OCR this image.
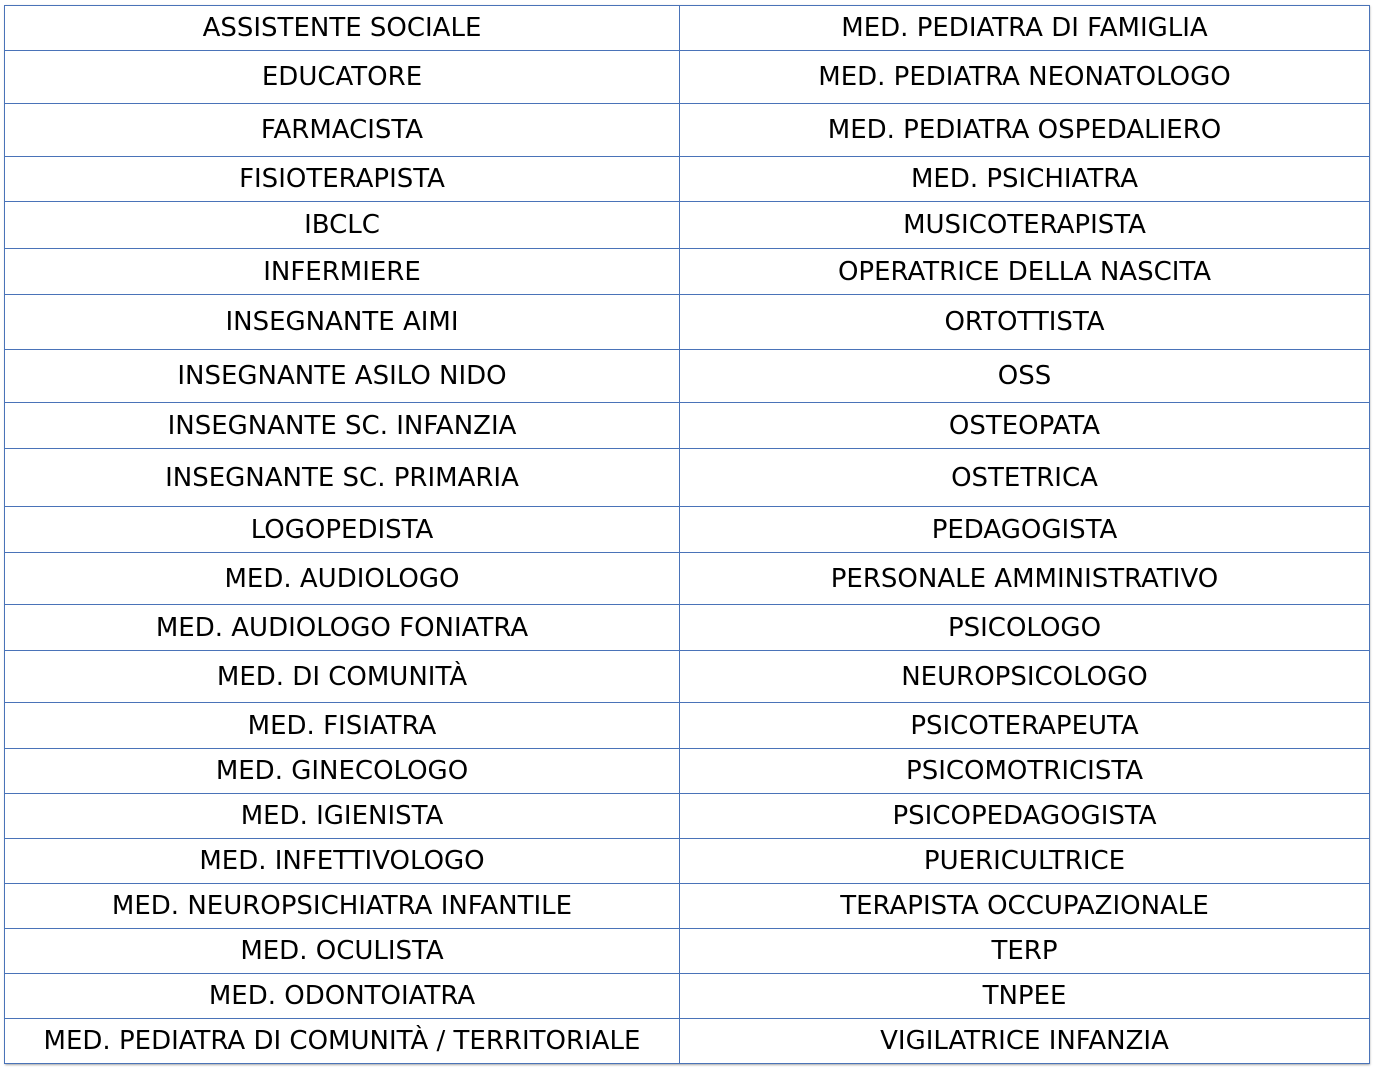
ASSISTENTE SOCIALE	MED. PEDIATRA DI FAMIGLIA
EDUCATORE	MED. PEDIATRA NEONATOLOGO
FARMACISTA	MED. PEDIATRA OSPEDALIERO
FISIOTERAPISTA	MED. PSICHIATRA
IBCLC	MUSICOTERAPISTA
INFERMIERE	OPERATRICE DELLA NASCITA
INSEGNANTE AIMI	ORTOTTISTA
INSEGNANTE ASILO NIDO	OSS
INSEGNANTE SC. INFANZIA	OSTEOPATA
INSEGNANTE SC. PRIMARIA	OSTETRICA
LOGOPEDISTA	PEDAGOGISTA
MED. AUDIOLOGO	PERSONALE AMMINISTRATIVO
MED. AUDIOLOGO FONIATRA	PSICOLOGO
MED. DI COMUNITÀ	NEUROPSICOLOGO
MED. FISIATRA	PSICOTERAPEUTA
MED. GINECOLOGO	PSICOMOTRICISTA
MED. IGIENISTA	PSICOPEDAGOGISTA
MED. INFETTIVOLOGO	PUERICULTRICE
MED. NEUROPSICHIATRA INFANTILE	TERAPISTA OCCUPAZIONALE
MED. OCULISTA	TERP
MED. ODONTOIATRA	TNPEE
MED. PEDIATRA DI COMUNITÀ / TERRITORIALE	VIGILATRICE INFANZIA
